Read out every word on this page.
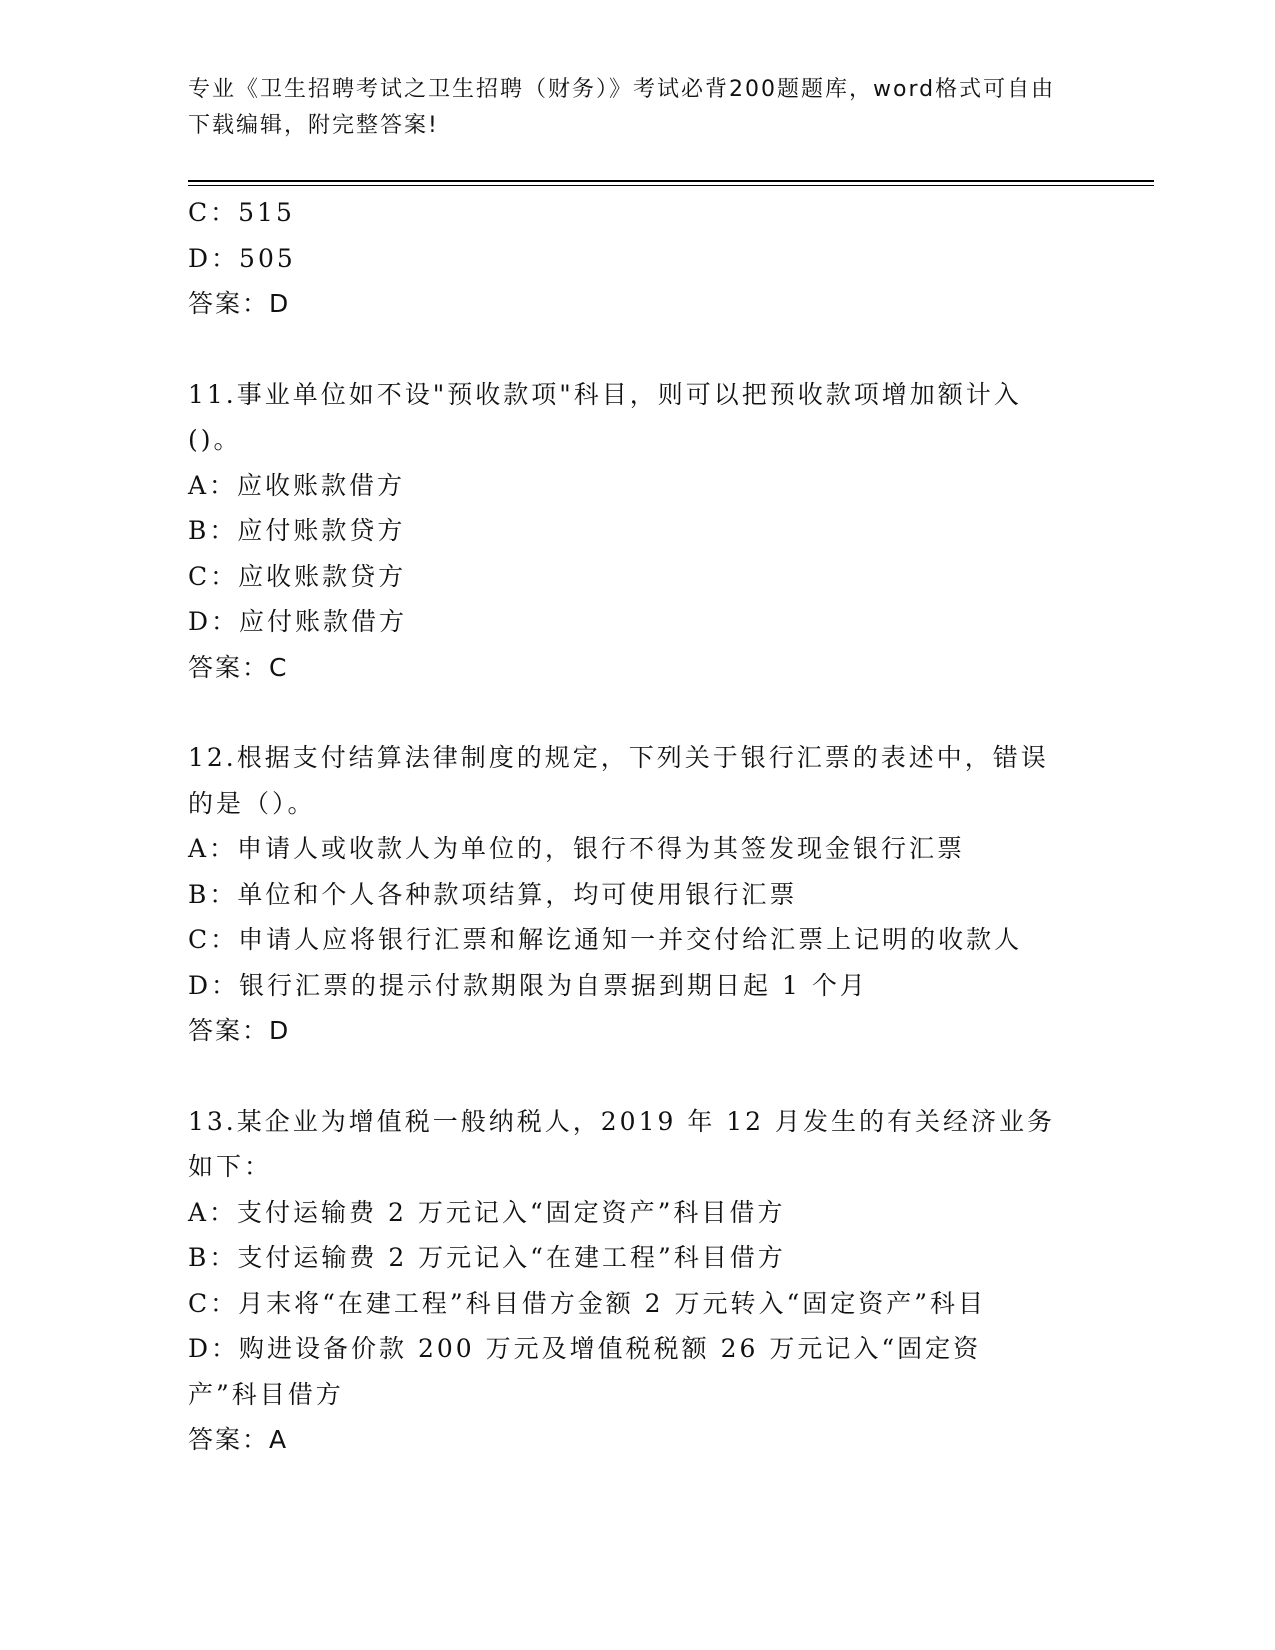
专业《卫生招聘考试之卫生招聘（财务）》考试必背200题题库，word格式可自由下载编辑，附完整答案!
C：515
D：505
答案：D
11.事业单位如不设"预收款项"科目，则可以把预收款项增加额计入()。
A：应收账款借方
B：应付账款贷方
C：应收账款贷方
D：应付账款借方
答案：C
12.根据支付结算法律制度的规定，下列关于银行汇票的表述中，错误的是（）。
A：申请人或收款人为单位的，银行不得为其签发现金银行汇票
B：单位和个人各种款项结算，均可使用银行汇票
C：申请人应将银行汇票和解讫通知一并交付给汇票上记明的收款人
D：银行汇票的提示付款期限为自票据到期日起 1 个月
答案：D
13.某企业为增值税一般纳税人，2019 年 12 月发生的有关经济业务如下：
A：支付运输费 2 万元记入“固定资产”科目借方
B：支付运输费 2 万元记入“在建工程”科目借方
C：月末将“在建工程”科目借方金额 2 万元转入“固定资产”科目
D：购进设备价款 200 万元及增值税税额 26 万元记入“固定资产”科目借方
答案：A
